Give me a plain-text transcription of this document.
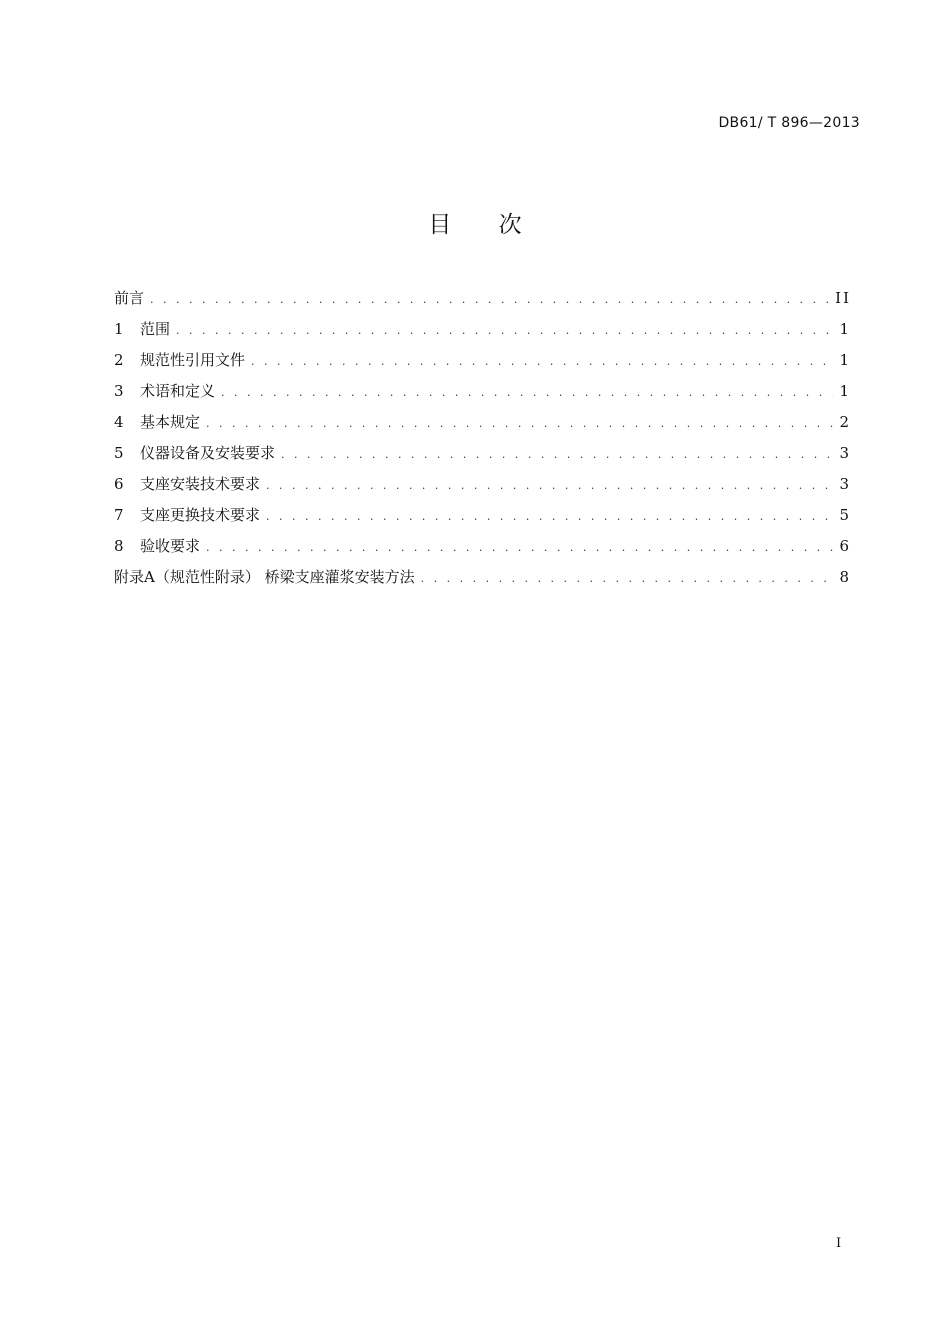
DB61/ T 896—2013
目 次
前言 . . .	II
1	范围 . . .	1
2	规范性引用文件 . . .	1
3	术语和定义 . . .	1
4	基本规定 . . .	2
5	仪器设备及安装要求 . . .	3
6	支座安装技术要求 . . .	3
7	支座更换技术要求 . . .	5
8	验收要求 . . .	6
附录A（规范性附录） 桥梁支座灌浆安装方法 . . .	8
I
